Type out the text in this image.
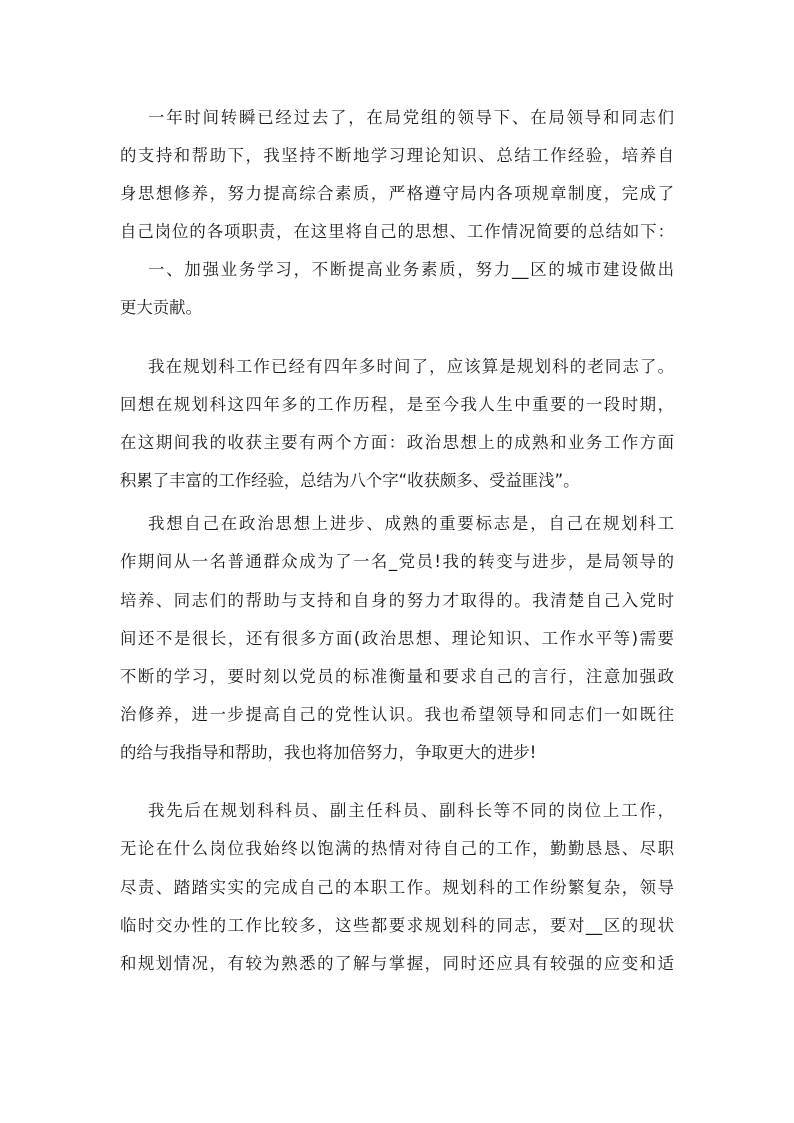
一年时间转瞬已经过去了，在局党组的领导下、在局领导和同志们
的支持和帮助下，我坚持不断地学习理论知识、总结工作经验，培养自
身思想修养，努力提高综合素质，严格遵守局内各项规章制度，完成了
自己岗位的各项职责，在这里将自己的思想、工作情况简要的总结如下：
一、加强业务学习，不断提高业务素质，努力__区的城市建设做出
更大贡献。
我在规划科工作已经有四年多时间了，应该算是规划科的老同志了。
回想在规划科这四年多的工作历程，是至今我人生中重要的一段时期，
在这期间我的收获主要有两个方面：政治思想上的成熟和业务工作方面
积累了丰富的工作经验，总结为八个字“收获颇多、受益匪浅”。
我想自己在政治思想上进步、成熟的重要标志是，自己在规划科工
作期间从一名普通群众成为了一名_党员!我的转变与进步，是局领导的
培养、同志们的帮助与支持和自身的努力才取得的。我清楚自己入党时
间还不是很长，还有很多方面(政治思想、理论知识、工作水平等)需要
不断的学习，要时刻以党员的标准衡量和要求自己的言行，注意加强政
治修养，进一步提高自己的党性认识。我也希望领导和同志们一如既往
的给与我指导和帮助，我也将加倍努力，争取更大的进步!
我先后在规划科科员、副主任科员、副科长等不同的岗位上工作，
无论在什么岗位我始终以饱满的热情对待自己的工作，勤勤恳恳、尽职
尽责、踏踏实实的完成自己的本职工作。规划科的工作纷繁复杂，领导
临时交办性的工作比较多，这些都要求规划科的同志，要对__区的现状
和规划情况，有较为熟悉的了解与掌握，同时还应具有较强的应变和适
